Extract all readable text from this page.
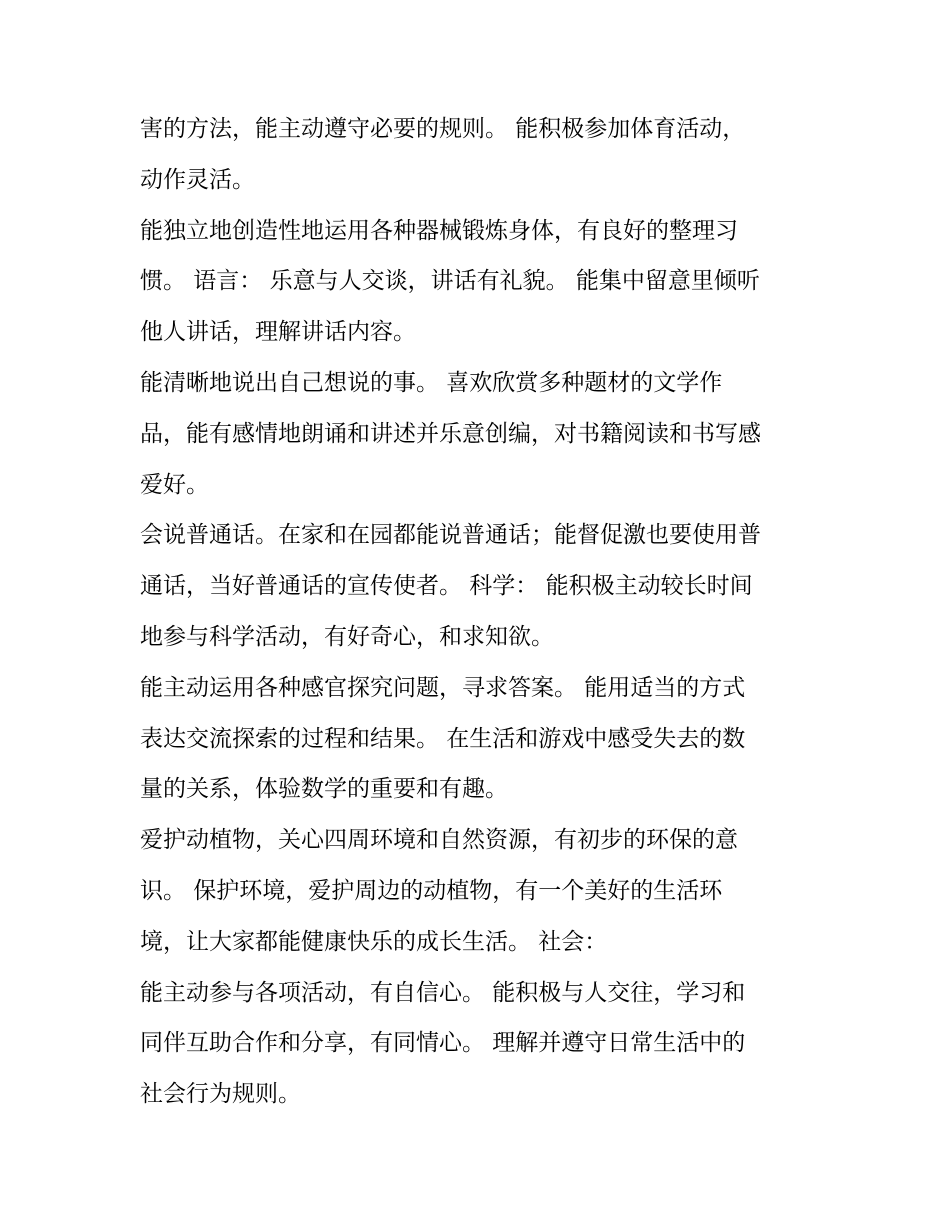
害的方法，能主动遵守必要的规则。 能积极参加体育活动，
动作灵活。
能独立地创造性地运用各种器械锻炼身体，有良好的整理习
惯。 语言： 乐意与人交谈，讲话有礼貌。 能集中留意里倾听
他人讲话，理解讲话内容。
能清晰地说出自己想说的事。 喜欢欣赏多种题材的文学作
品，能有感情地朗诵和讲述并乐意创编，对书籍阅读和书写感
爱好。
会说普通话。在家和在园都能说普通话；能督促激也要使用普
通话，当好普通话的宣传使者。 科学： 能积极主动较长时间
地参与科学活动，有好奇心，和求知欲。
能主动运用各种感官探究问题，寻求答案。 能用适当的方式
表达交流探索的过程和结果。 在生活和游戏中感受失去的数
量的关系，体验数学的重要和有趣。
爱护动植物，关心四周环境和自然资源，有初步的环保的意
识。 保护环境，爱护周边的动植物，有一个美好的生活环
境，让大家都能健康快乐的成长生活。 社会：
能主动参与各项活动，有自信心。 能积极与人交往，学习和
同伴互助合作和分享，有同情心。 理解并遵守日常生活中的
社会行为规则。
